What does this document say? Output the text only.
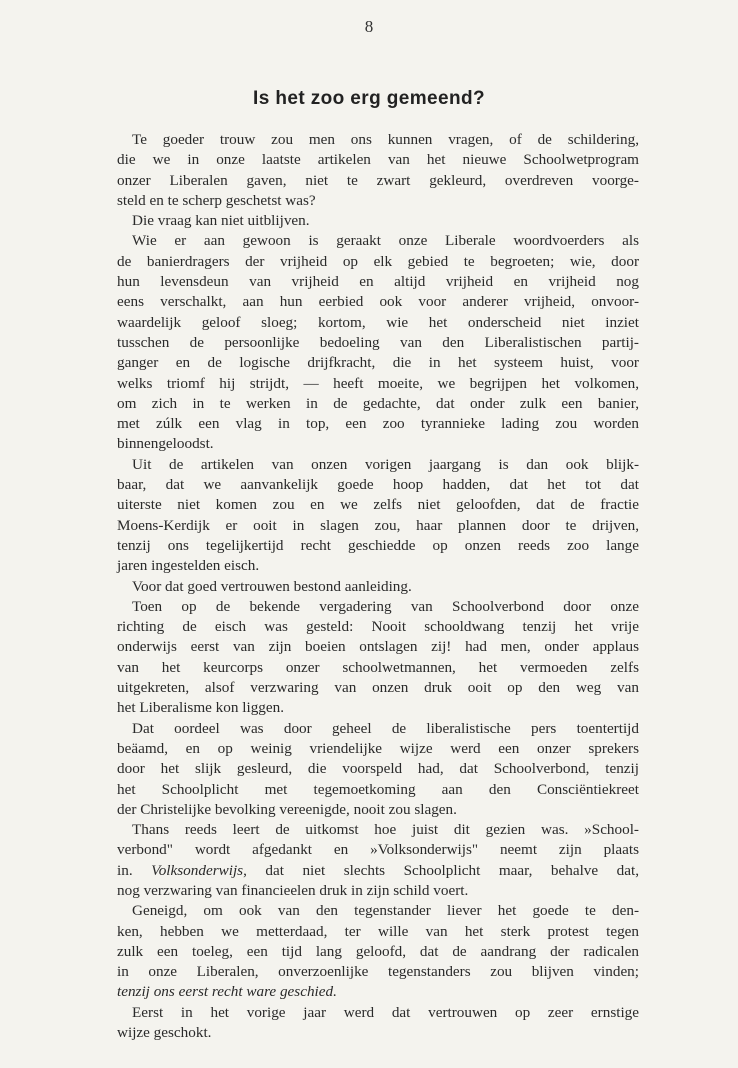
8
Is het zoo erg gemeend?
Te goeder trouw zou men ons kunnen vragen, of de schildering,
die we in onze laatste artikelen van het nieuwe Schoolwetprogram
onzer Liberalen gaven, niet te zwart gekleurd, overdreven voorge-
steld en te scherp geschetst was?
Die vraag kan niet uitblijven.
Wie er aan gewoon is geraakt onze Liberale woordvoerders als
de banierdragers der vrijheid op elk gebied te begroeten; wie, door
hun levensdeun van vrijheid en altijd vrijheid en vrijheid nog
eens verschalkt, aan hun eerbied ook voor anderer vrijheid, onvoor-
waardelijk geloof sloeg; kortom, wie het onderscheid niet inziet
tusschen de persoonlijke bedoeling van den Liberalistischen partij-
ganger en de logische drijfkracht, die in het systeem huist, voor
welks triomf hij strijdt, — heeft moeite, we begrijpen het volkomen,
om zich in te werken in de gedachte, dat onder zulk een banier,
met zúlk een vlag in top, een zoo tyrannieke lading zou worden
binnengeloodst.
Uit de artikelen van onzen vorigen jaargang is dan ook blijk-
baar, dat we aanvankelijk goede hoop hadden, dat het tot dat
uiterste niet komen zou en we zelfs niet geloofden, dat de fractie
Moens-Kerdijk er ooit in slagen zou, haar plannen door te drijven,
tenzij ons tegelijkertijd recht geschiedde op onzen reeds zoo lange
jaren ingestelden eisch.
Voor dat goed vertrouwen bestond aanleiding.
Toen op de bekende vergadering van Schoolverbond door onze
richting de eisch was gesteld: Nooit schooldwang tenzij het vrije
onderwijs eerst van zijn boeien ontslagen zij! had men, onder applaus
van het keurcorps onzer schoolwetmannen, het vermoeden zelfs
uitgekreten, alsof verzwaring van onzen druk ooit op den weg van
het Liberalisme kon liggen.
Dat oordeel was door geheel de liberalistische pers toentertijd
beäamd, en op weinig vriendelijke wijze werd een onzer sprekers
door het slijk gesleurd, die voorspeld had, dat Schoolverbond, tenzij
het Schoolplicht met tegemoetkoming aan den Consciëntiekreet
der Christelijke bevolking vereenigde, nooit zou slagen.
Thans reeds leert de uitkomst hoe juist dit gezien was. »School-
verbond" wordt afgedankt en »Volksonderwijs" neemt zijn plaats
in. Volksonderwijs, dat niet slechts Schoolplicht maar, behalve dat,
nog verzwaring van financieelen druk in zijn schild voert.
Geneigd, om ook van den tegenstander liever het goede te den-
ken, hebben we metterdaad, ter wille van het sterk protest tegen
zulk een toeleg, een tijd lang geloofd, dat de aandrang der radicalen
in onze Liberalen, onverzoenlijke tegenstanders zou blijven vinden;
tenzij ons eerst recht ware geschied.
Eerst in het vorige jaar werd dat vertrouwen op zeer ernstige
wijze geschokt.
